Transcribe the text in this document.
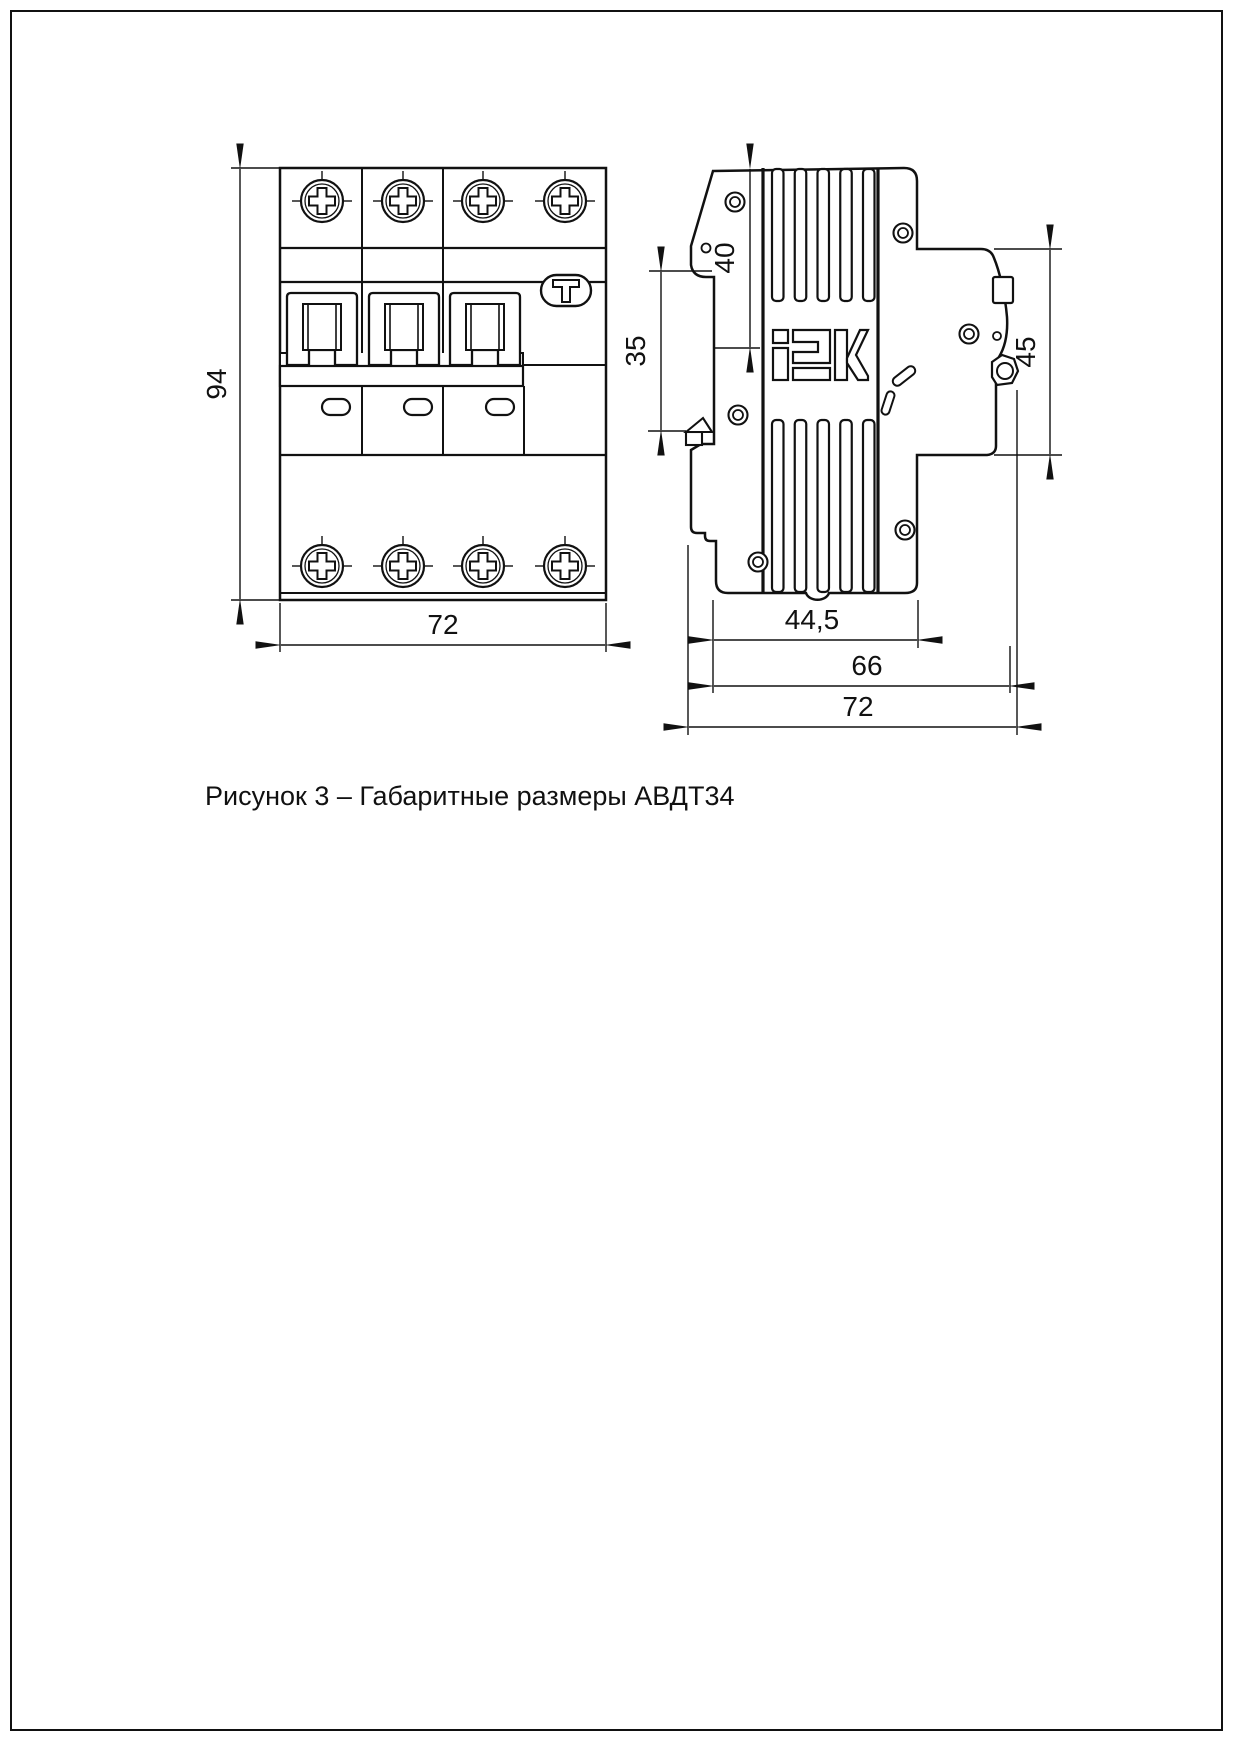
94
72
40
35	45
44,5
66
72
Рисунок 3 – Габаритные размеры АВДТ34
